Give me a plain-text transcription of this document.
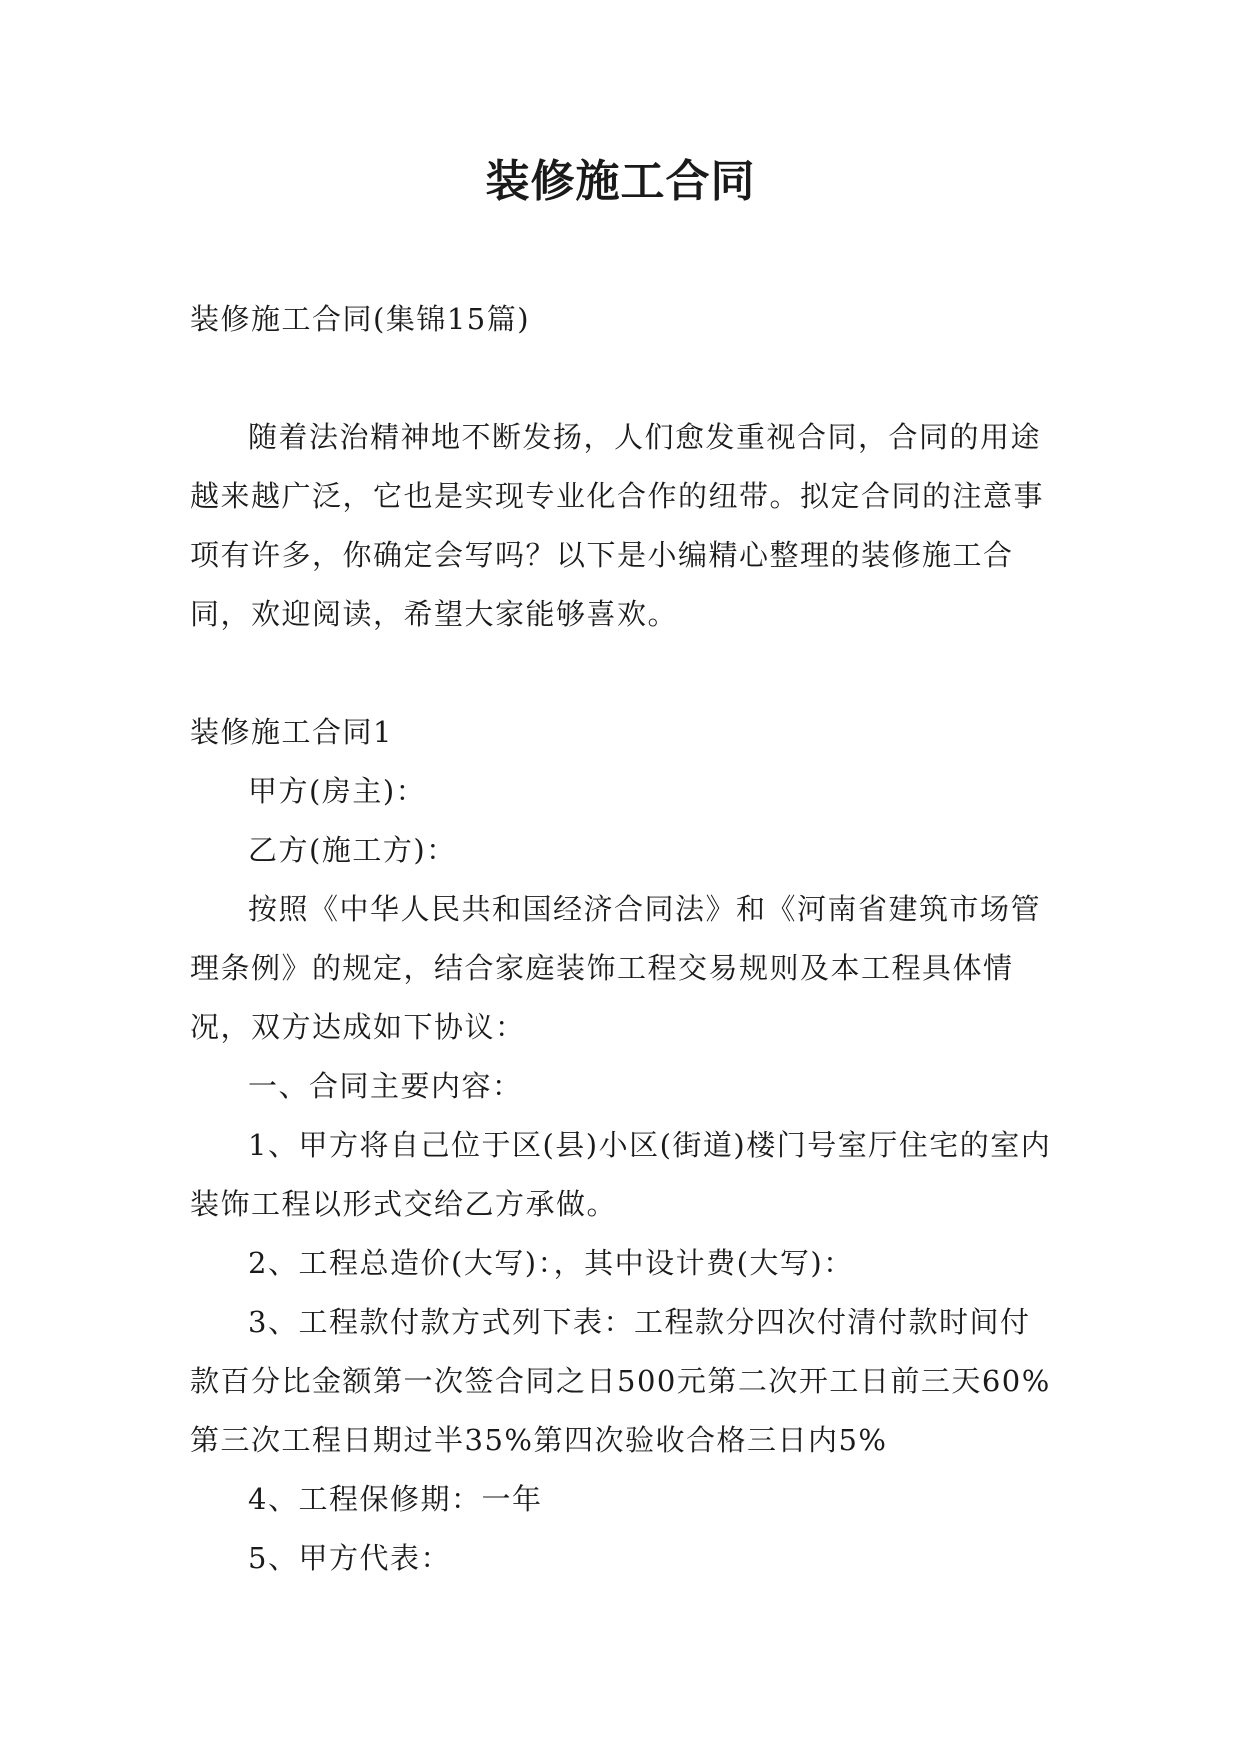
装修施工合同

装修施工合同(集锦15篇)

随着法治精神地不断发扬，人们愈发重视合同，合同的用途越来越广泛，它也是实现专业化合作的纽带。拟定合同的注意事项有许多，你确定会写吗？以下是小编精心整理的装修施工合同，欢迎阅读，希望大家能够喜欢。

装修施工合同1

甲方(房主)：

乙方(施工方)：

按照《中华人民共和国经济合同法》和《河南省建筑市场管理条例》的规定，结合家庭装饰工程交易规则及本工程具体情况，双方达成如下协议：

一、合同主要内容：

1、甲方将自己位于区(县)小区(街道)楼门号室厅住宅的室内装饰工程以形式交给乙方承做。

2、工程总造价(大写)：，其中设计费(大写)：

3、工程款付款方式列下表：工程款分四次付清付款时间付款百分比金额第一次签合同之日500元第二次开工日前三天60%第三次工程日期过半35%第四次验收合格三日内5%

4、工程保修期：一年

5、甲方代表：
